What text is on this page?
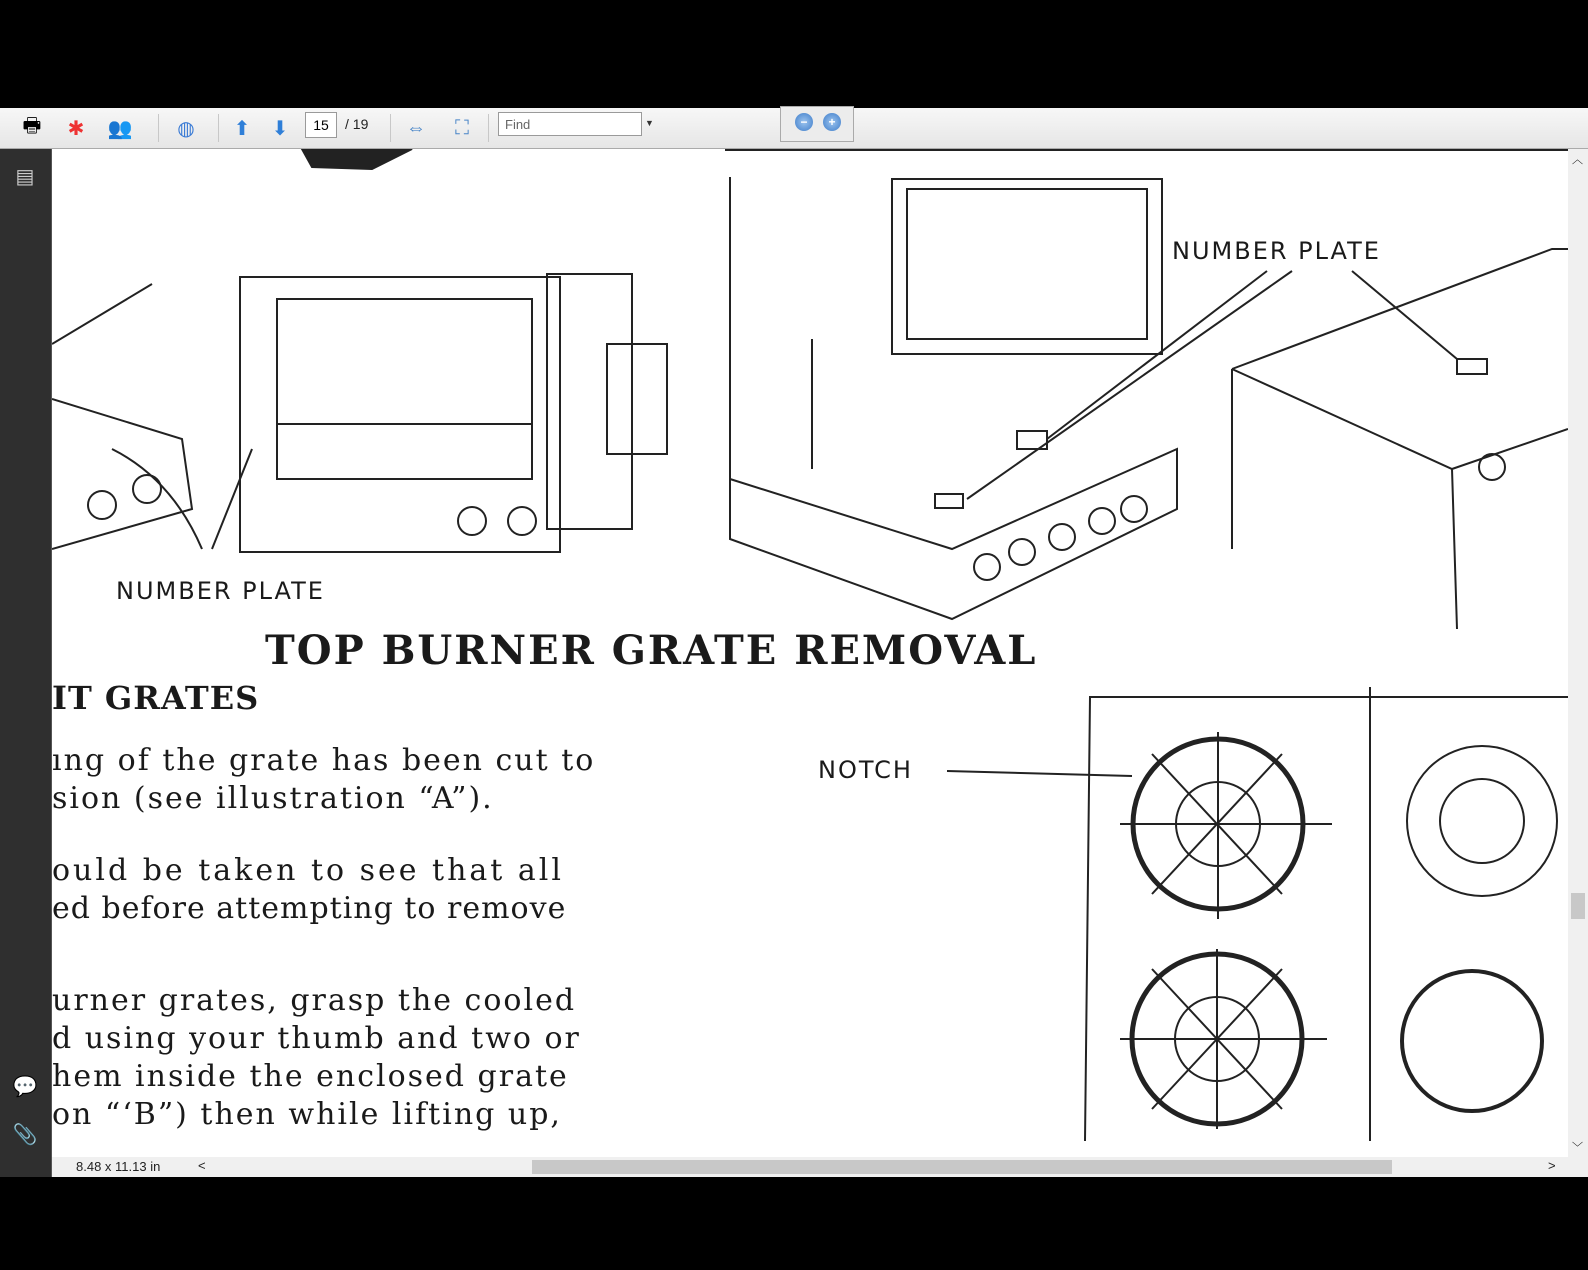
🖶 ✱ 👥 ◍ ⬆ ⬇	15	/ 19 ⇔	⛶	Find	▼	−	+
▤
💬
📎
NUMBER PLATE
NUMBER PLATE
TOP BURNER GRATE REMOVAL
IT GRATES
NOTCH
ıng of the grate has been cut to
sion (see illustration “A”).
ould be taken to see that all
ed before attempting to remove
urner grates, grasp the cooled
d using your thumb and two or
hem inside the enclosed grate
on “‘B”) then while lifting up,
︿
﹀
8.48 x 11.13 in	<	>
